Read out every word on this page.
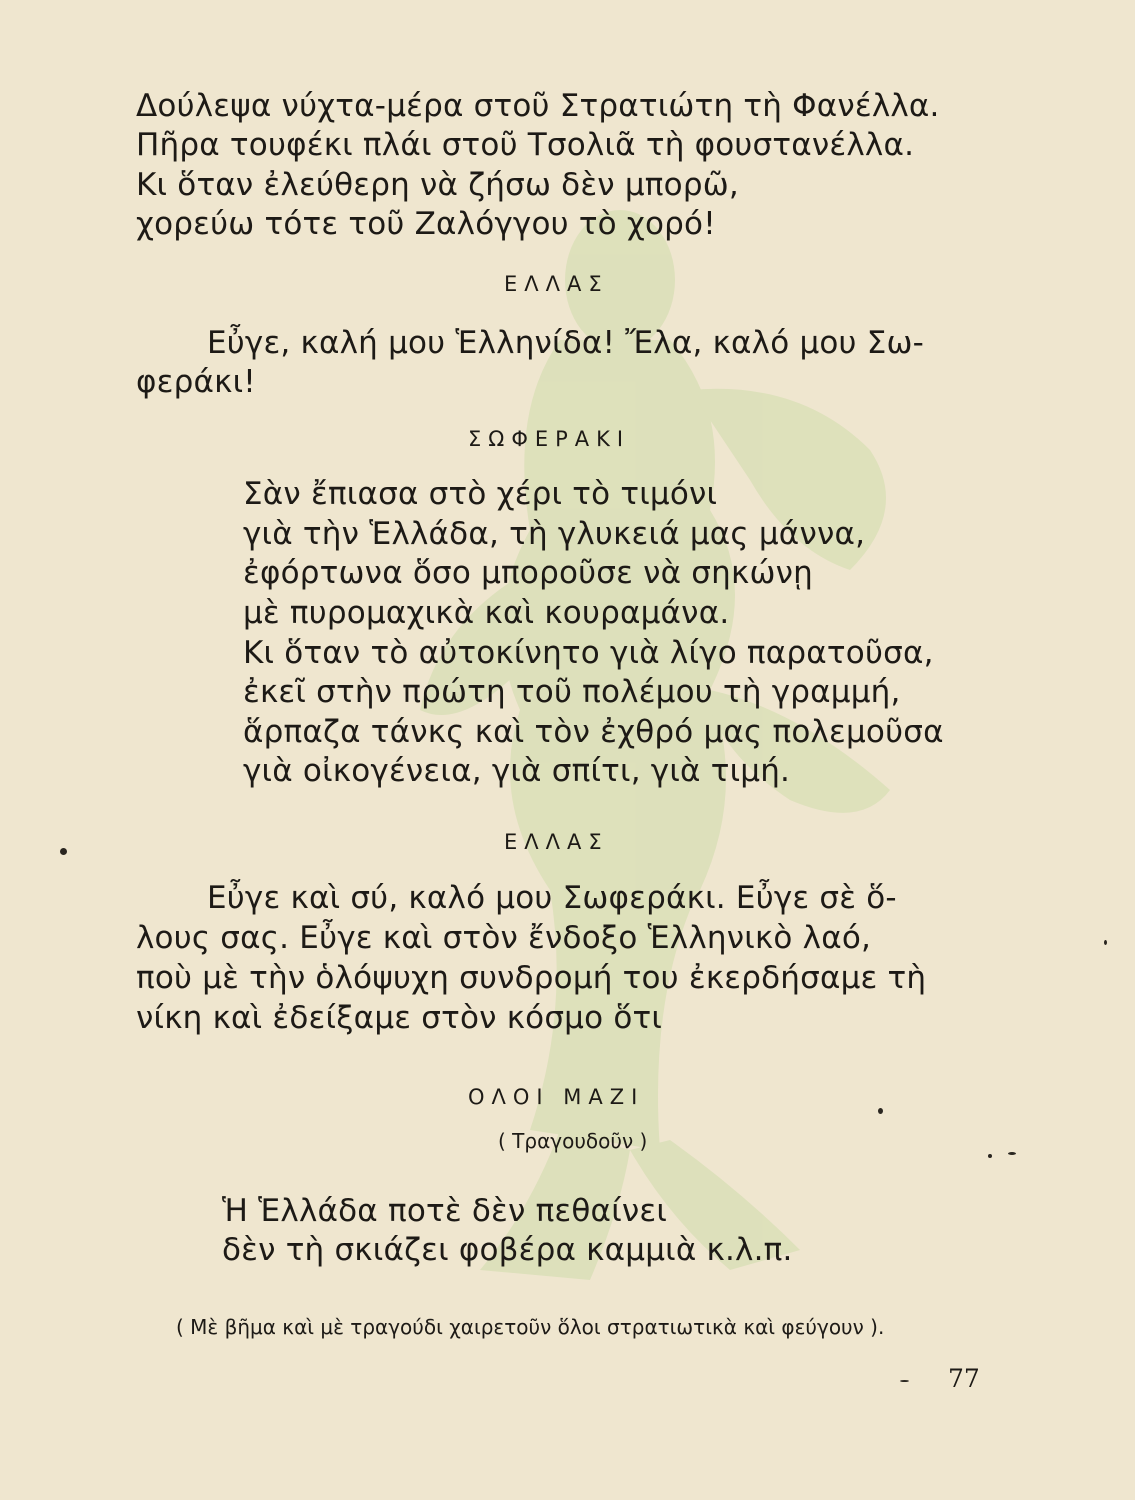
Δούλεψα νύχτα-μέρα στοῦ Στρατιώτη τὴ Φανέλλα.
Πῆρα τουφέκι πλάι στοῦ Τσολιᾶ τὴ φουστανέλλα.
Κι ὅταν ἐλεύθερη νὰ ζήσω δὲν μπορῶ,
χορεύω τότε τοῦ Ζαλόγγου τὸ χορό!
ΕΛΛΑΣ
Εὖγε, καλή μου Ἑλληνίδα! Ἔλα, καλό μου Σω-
φεράκι!
ΣΩΦΕΡΑΚΙ
Σὰν ἔπιασα στὸ χέρι τὸ τιμόνι
γιὰ τὴν Ἑλλάδα, τὴ γλυκειά μας μάννα,
ἐφόρτωνα ὅσο μποροῦσε νὰ σηκώνῃ
μὲ πυρομαχικὰ καὶ κουραμάνα.
Κι ὅταν τὸ αὐτοκίνητο γιὰ λίγο παρατοῦσα,
ἐκεῖ στὴν πρώτη τοῦ πολέμου τὴ γραμμή,
ἅρπαζα τάνκς καὶ τὸν ἐχθρό μας πολεμοῦσα
γιὰ οἰκογένεια, γιὰ σπίτι, γιὰ τιμή.
ΕΛΛΑΣ
Εὖγε καὶ σύ, καλό μου Σωφεράκι. Εὖγε σὲ ὅ-
λους σας. Εὖγε καὶ στὸν ἔνδοξο Ἑλληνικὸ λαό,
ποὺ μὲ τὴν ὁλόψυχη συνδρομή του ἐκερδήσαμε τὴ
νίκη καὶ ἐδείξαμε στὸν κόσμο ὅτι
ΟΛΟΙ ΜΑΖΙ
( Τραγουδοῦν )
Ἡ Ἑλλάδα ποτὲ δὲν πεθαίνει
δὲν τὴ σκιάζει φοβέρα καμμιὰ κ.λ.π.
( Μὲ βῆμα καὶ μὲ τραγούδι χαιρετοῦν ὅλοι στρατιωτικὰ καὶ φεύγουν ).
77
